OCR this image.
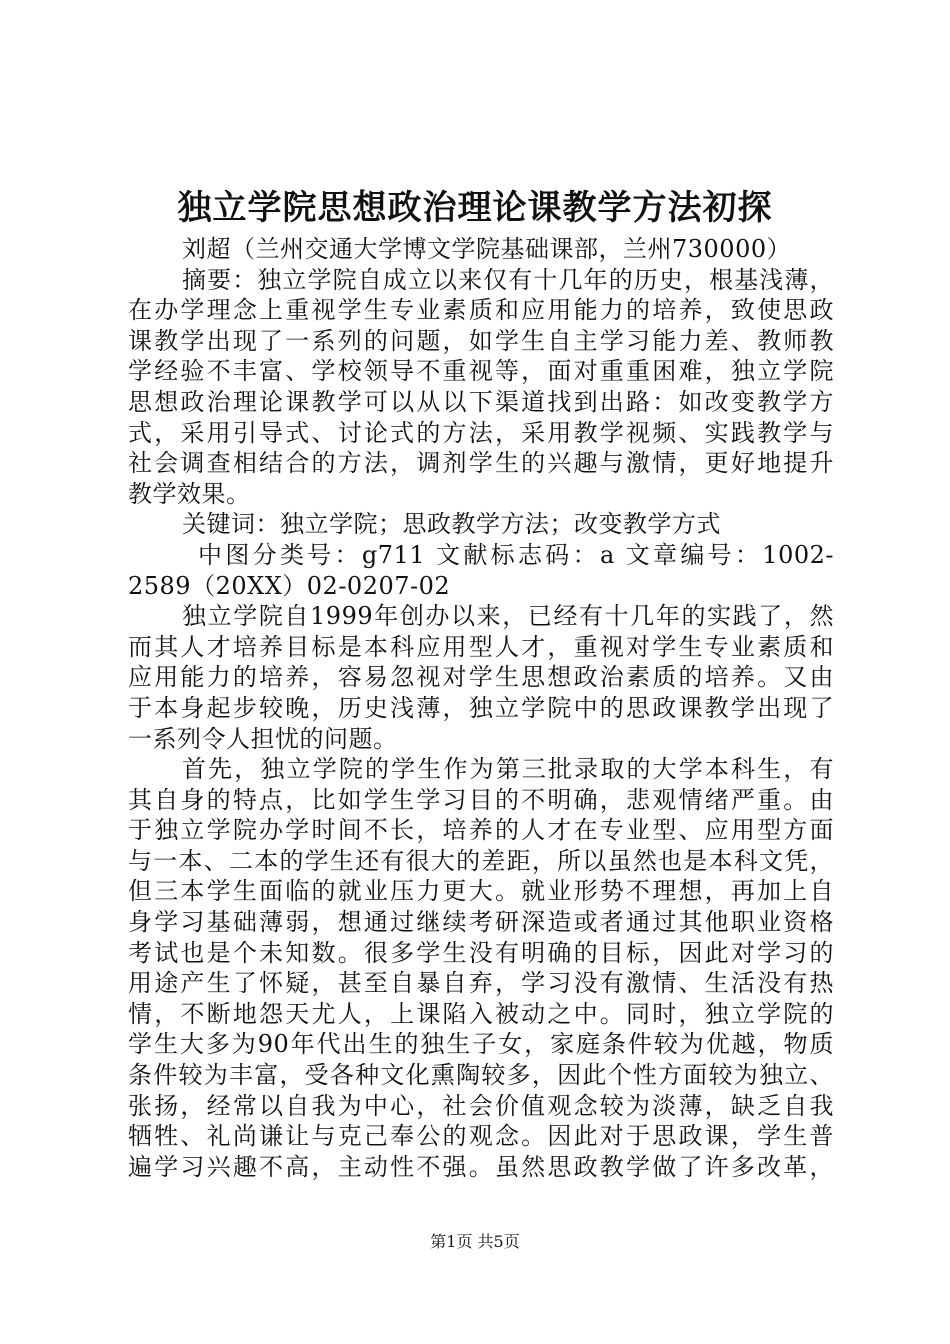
独立学院思想政治理论课教学方法初探
刘超（兰州交通大学博文学院基础课部，兰州730000）
摘要：独立学院自成立以来仅有十几年的历史，根基浅薄，
在办学理念上重视学生专业素质和应用能力的培养，致使思政
课教学出现了一系列的问题，如学生自主学习能力差、教师教
学经验不丰富、学校领导不重视等，面对重重困难，独立学院
思想政治理论课教学可以从以下渠道找到出路：如改变教学方
式，采用引导式、讨论式的方法，采用教学视频、实践教学与
社会调查相结合的方法，调剂学生的兴趣与激情，更好地提升
教学效果。
关键词：独立学院；思政教学方法；改变教学方式
中图分类号：g711 文献标志码：a 文章编号：1002-
2589（20XX）02-0207-02
独立学院自1999年创办以来，已经有十几年的实践了，然
而其人才培养目标是本科应用型人才，重视对学生专业素质和
应用能力的培养，容易忽视对学生思想政治素质的培养。又由
于本身起步较晚，历史浅薄，独立学院中的思政课教学出现了
一系列令人担忧的问题。
首先，独立学院的学生作为第三批录取的大学本科生，有
其自身的特点，比如学生学习目的不明确，悲观情绪严重。由
于独立学院办学时间不长，培养的人才在专业型、应用型方面
与一本、二本的学生还有很大的差距，所以虽然也是本科文凭，
但三本学生面临的就业压力更大。就业形势不理想，再加上自
身学习基础薄弱，想通过继续考研深造或者通过其他职业资格
考试也是个未知数。很多学生没有明确的目标，因此对学习的
用途产生了怀疑，甚至自暴自弃，学习没有激情、生活没有热
情，不断地怨天尤人，上课陷入被动之中。同时，独立学院的
学生大多为90年代出生的独生子女，家庭条件较为优越，物质
条件较为丰富，受各种文化熏陶较多，因此个性方面较为独立、
张扬，经常以自我为中心，社会价值观念较为淡薄，缺乏自我
牺牲、礼尚谦让与克己奉公的观念。因此对于思政课，学生普
遍学习兴趣不高，主动性不强。虽然思政教学做了许多改革，
第1页 共5页
